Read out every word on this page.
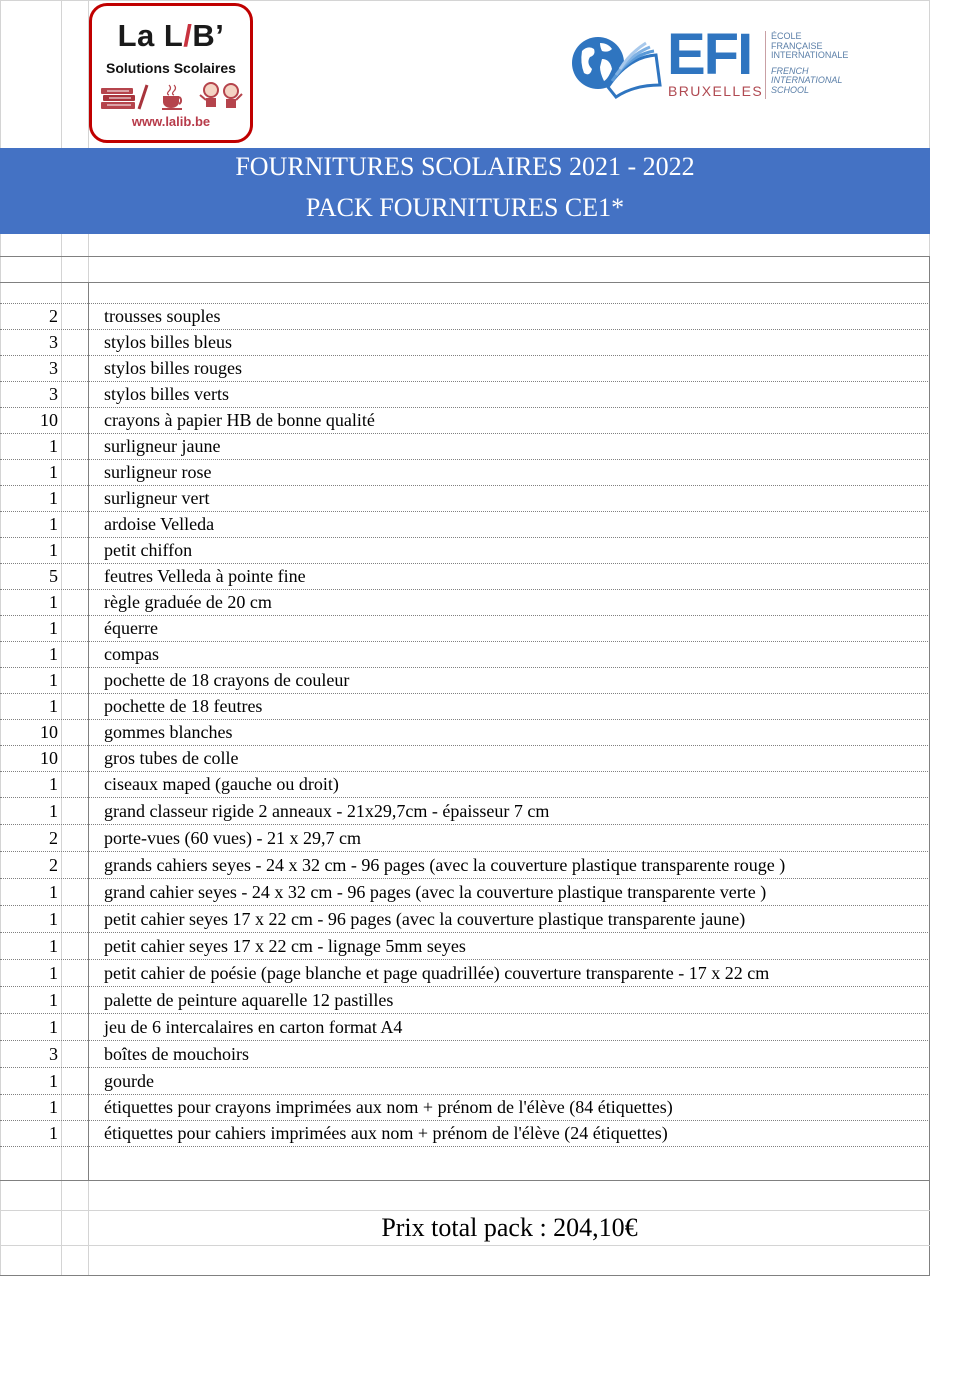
La L/B’
Solutions Scolaires
www.lalib.be
EFI
BRUXELLES
ÉCOLE
FRANÇAISE
INTERNATIONALE
FRENCH
INTERNATIONAL
SCHOOL
FOURNITURES SCOLAIRES 2021 - 2022
PACK FOURNITURES CE1*
2	trousses souples
3	stylos billes bleus
3	stylos billes rouges
3	stylos billes verts
10	crayons à papier HB de bonne qualité
1	surligneur jaune
1	surligneur rose
1	surligneur vert
1	ardoise Velleda
1	petit chiffon
5	feutres Velleda à pointe fine
1	règle graduée de 20 cm
1	équerre
1	compas
1	pochette de 18 crayons de couleur
1	pochette de 18 feutres
10	gommes blanches
10	gros tubes de colle
1	ciseaux maped (gauche ou droit)
1	grand classeur rigide 2 anneaux - 21x29,7cm - épaisseur 7 cm
2	porte-vues (60 vues) - 21 x 29,7 cm
2	grands cahiers seyes - 24 x 32 cm - 96 pages (avec la couverture plastique transparente rouge )
1	grand cahier seyes - 24 x 32 cm - 96 pages (avec la couverture plastique transparente verte )
1	petit cahier seyes 17 x 22 cm - 96 pages (avec la couverture plastique transparente jaune)
1	petit cahier seyes 17 x 22 cm - lignage 5mm seyes
1	petit cahier de poésie (page blanche et page quadrillée) couverture transparente - 17 x 22 cm
1	palette de peinture aquarelle 12 pastilles
1	jeu de 6 intercalaires en carton format A4
3	boîtes de mouchoirs
1	gourde
1	étiquettes pour crayons imprimées aux nom + prénom de l'élève (84 étiquettes)
1	étiquettes pour cahiers imprimées aux nom + prénom de l'élève (24 étiquettes)
Prix total pack : 204,10€
